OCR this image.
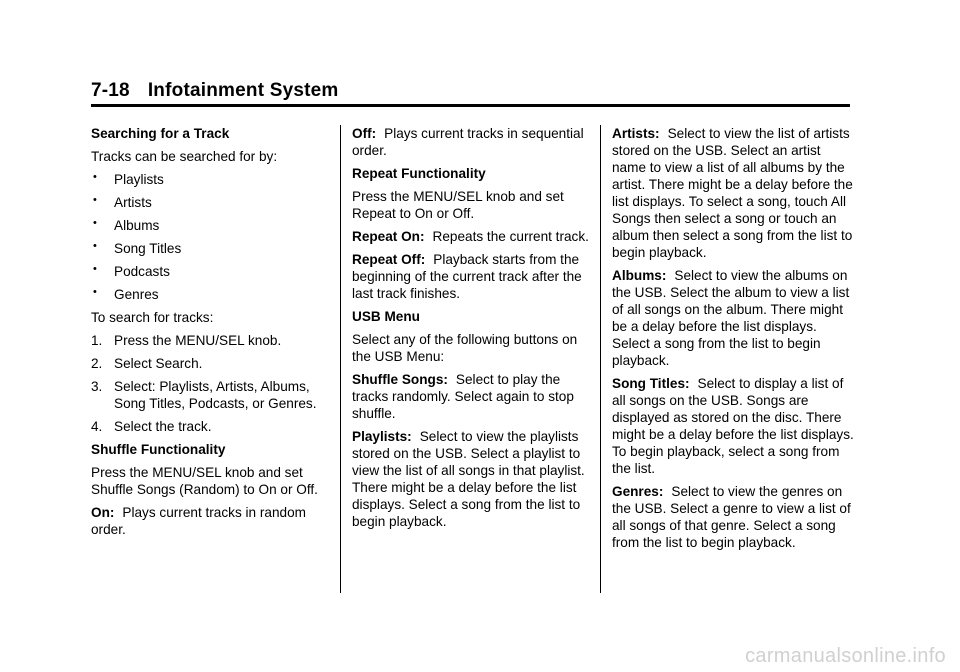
7-18 Infotainment System

Searching for a Track

Tracks can be searched for by:

• Playlists
• Artists
• Albums
• Song Titles
• Podcasts
• Genres

To search for tracks:

1. Press the MENU/SEL knob.
2. Select Search.
3. Select: Playlists, Artists, Albums, Song Titles, Podcasts, or Genres.
4. Select the track.

Shuffle Functionality

Press the MENU/SEL knob and set Shuffle Songs (Random) to On or Off.

On: Plays current tracks in random order.

Off: Plays current tracks in sequential order.

Repeat Functionality

Press the MENU/SEL knob and set Repeat to On or Off.

Repeat On: Repeats the current track.

Repeat Off: Playback starts from the beginning of the current track after the last track finishes.

USB Menu

Select any of the following buttons on the USB Menu:

Shuffle Songs: Select to play the tracks randomly. Select again to stop shuffle.

Playlists: Select to view the playlists stored on the USB. Select a playlist to view the list of all songs in that playlist. There might be a delay before the list displays. Select a song from the list to begin playback.

Artists: Select to view the list of artists stored on the USB. Select an artist name to view a list of all albums by the artist. There might be a delay before the list displays. To select a song, touch All Songs then select a song or touch an album then select a song from the list to begin playback.

Albums: Select to view the albums on the USB. Select the album to view a list of all songs on the album. There might be a delay before the list displays. Select a song from the list to begin playback.

Song Titles: Select to display a list of all songs on the USB. Songs are displayed as stored on the disc. There might be a delay before the list displays. To begin playback, select a song from the list.

Genres: Select to view the genres on the USB. Select a genre to view a list of all songs of that genre. Select a song from the list to begin playback.

carmanualsonline.info
